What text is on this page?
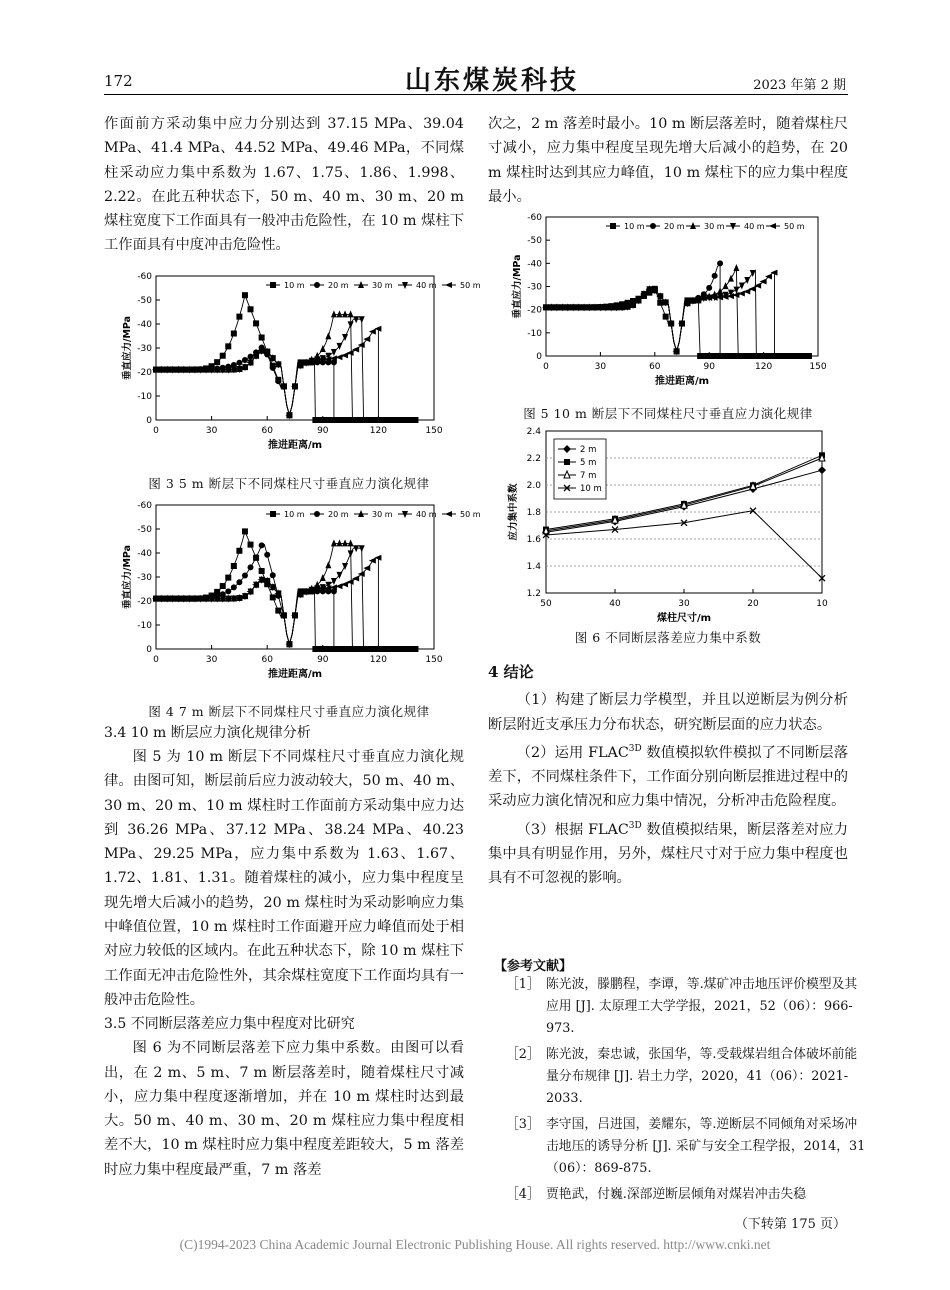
172	山东煤炭科技	2023 年第 2 期

作面前方采动集中应力分别达到 37.15 MPa、39.04 MPa、41.4 MPa、44.52 MPa、49.46 MPa，不同煤柱采动应力集中系数为 1.67、1.75、1.86、1.998、2.22。在此五种状态下，50 m、40 m、30 m、20 m 煤柱宽度下工作面具有一般冲击危险性，在 10 m 煤柱下工作面具有中度冲击危险性。

-60
-50
-40
-30
-20
-10
0
0	30	60	90	120	150
推进距离/m
垂直应力/MPa
10 m	20 m	30 m	40 m	50 m
图 3 5 m 断层下不同煤柱尺寸垂直应力演化规律
-60
-50
-40
-30
-20
-10
0
0	30	60	90	120	150
推进距离/m
垂直应力/MPa
10 m	20 m	30 m	40 m	50 m
图 4 7 m 断层下不同煤柱尺寸垂直应力演化规律

3.4 10 m 断层应力演化规律分析

图 5 为 10 m 断层下不同煤柱尺寸垂直应力演化规律。由图可知，断层前后应力波动较大，50 m、40 m、30 m、20 m、10 m 煤柱时工作面前方采动集中应力达到 36.26 MPa、37.12 MPa、38.24 MPa、40.23 MPa、29.25 MPa，应力集中系数为 1.63、1.67、1.72、1.81、1.31。随着煤柱的减小，应力集中程度呈现先增大后减小的趋势，20 m 煤柱时为采动影响应力集中峰值位置，10 m 煤柱时工作面避开应力峰值而处于相对应力较低的区域内。在此五种状态下，除 10 m 煤柱下工作面无冲击危险性外，其余煤柱宽度下工作面均具有一般冲击危险性。

3.5 不同断层落差应力集中程度对比研究

图 6 为不同断层落差下应力集中系数。由图可以看出，在 2 m、5 m、7 m 断层落差时，随着煤柱尺寸减小，应力集中程度逐渐增加，并在 10 m 煤柱时达到最大。50 m、40 m、30 m、20 m 煤柱应力集中程度相差不大，10 m 煤柱时应力集中程度差距较大，5 m 落差时应力集中程度最严重，7 m 落差

次之，2 m 落差时最小。10 m 断层落差时，随着煤柱尺寸减小，应力集中程度呈现先增大后减小的趋势，在 20 m 煤柱时达到其应力峰值，10 m 煤柱下的应力集中程度最小。

-60
-50
-40
-30
-20
-10
0
0	30	60	90	120	150
推进距离/m
垂直应力/MPa
10 m 20 m 30 m 40 m 50 m
图 5 10 m 断层下不同煤柱尺寸垂直应力演化规律
1.2
1.4
1.6
1.8
2.0
2.2
2.4
50	40	30	20	10
煤柱尺寸/m
应力集中系数
2 m
5 m
7 m
10 m
图 6 不同断层落差应力集中系数

4 结论

（1）构建了断层力学模型，并且以逆断层为例分析断层附近支承压力分布状态，研究断层面的应力状态。

（2）运用 $FLAC^{3D}$ 数值模拟软件模拟了不同断层落差下，不同煤柱条件下，工作面分别向断层推进过程中的采动应力演化情况和应力集中情况，分析冲击危险程度。

（3）根据 $FLAC^{3D}$ 数值模拟结果，断层落差对应力集中具有明显作用，另外，煤柱尺寸对于应力集中程度也具有不可忽视的影响。

【参考文献】
［1］ 陈光波，滕鹏程，李谭，等.煤矿冲击地压评价模型及其应用 [J]. 太原理工大学学报，2021，52（06）：966-973.
［2］ 陈光波，秦忠诚，张国华，等.受载煤岩组合体破坏前能量分布规律 [J]. 岩土力学，2020，41（06）：2021-2033.
［3］ 李守国，吕进国，姜耀东，等.逆断层不同倾角对采场冲击地压的诱导分析 [J]. 采矿与安全工程学报，2014，31（06）：869-875.
［4］ 贾艳武，付巍.深部逆断层倾角对煤岩冲击失稳
（下转第 175 页）
(C)1994-2023 China Academic Journal Electronic Publishing House. All rights reserved. http://www.cnki.net
